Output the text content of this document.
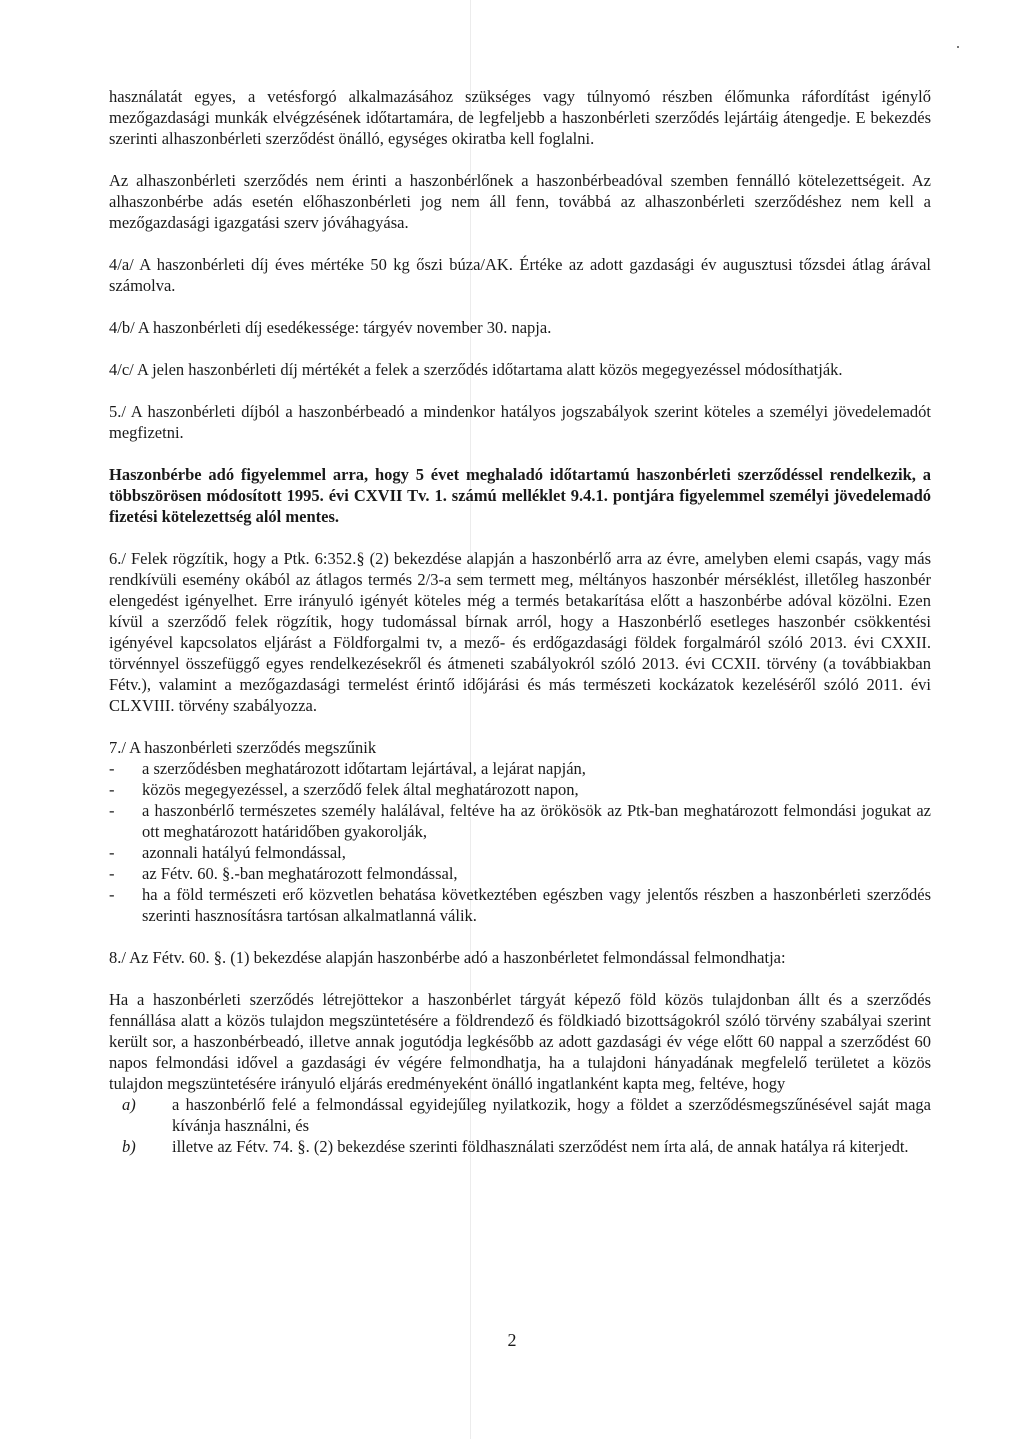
használatát egyes, a vetésforgó alkalmazásához szükséges vagy túlnyomó részben élőmunka ráfordítást igénylő mezőgazdasági munkák elvégzésének időtartamára, de legfeljebb a haszonbérleti szerződés lejártáig átengedje. E bekezdés szerinti alhaszonbérleti szerződést önálló, egységes okiratba kell foglalni.

Az alhaszonbérleti szerződés nem érinti a haszonbérlőnek a haszonbérbeadóval szemben fennálló kötelezettségeit. Az alhaszonbérbe adás esetén előhaszonbérleti jog nem áll fenn, továbbá az alhaszonbérleti szerződéshez nem kell a mezőgazdasági igazgatási szerv jóváhagyása.

4/a/ A haszonbérleti díj éves mértéke 50 kg őszi búza/AK. Értéke az adott gazdasági év augusztusi tőzsdei átlag árával számolva.

4/b/ A haszonbérleti díj esedékessége: tárgyév november 30. napja.

4/c/ A jelen haszonbérleti díj mértékét a felek a szerződés időtartama alatt közös megegyezéssel módosíthatják.

5./ A haszonbérleti díjból a haszonbérbeadó a mindenkor hatályos jogszabályok szerint köteles a személyi jövedelemadót megfizetni.

Haszonbérbe adó figyelemmel arra, hogy 5 évet meghaladó időtartamú haszonbérleti szerződéssel rendelkezik, a többszörösen módosított 1995. évi CXVII Tv. 1. számú melléklet 9.4.1. pontjára figyelemmel személyi jövedelemadó fizetési kötelezettség alól mentes.

6./ Felek rögzítik, hogy a Ptk. 6:352.§ (2) bekezdése alapján a haszonbérlő arra az évre, amelyben elemi csapás, vagy más rendkívüli esemény okából az átlagos termés 2/3-a sem termett meg, méltányos haszonbér mérséklést, illetőleg haszonbér elengedést igényelhet. Erre irányuló igényét köteles még a termés betakarítása előtt a haszonbérbe adóval közölni. Ezen kívül a szerződő felek rögzítik, hogy tudomással bírnak arról, hogy a Haszonbérlő esetleges haszonbér csökkentési igényével kapcsolatos eljárást a Földforgalmi tv, a mező- és erdőgazdasági földek forgalmáról szóló 2013. évi CXXII. törvénnyel összefüggő egyes rendelkezésekről és átmeneti szabályokról szóló 2013. évi CCXII. törvény (a továbbiakban Fétv.), valamint a mezőgazdasági termelést érintő időjárási és más természeti kockázatok kezeléséről szóló 2011. évi CLXVIII. törvény szabályozza.

7./ A haszonbérleti szerződés megszűnik

- a szerződésben meghatározott időtartam lejártával, a lejárat napján,
- közös megegyezéssel, a szerződő felek által meghatározott napon,
- a haszonbérlő természetes személy halálával, feltéve ha az örökösök az Ptk-ban meghatározott felmondási jogukat az ott meghatározott határidőben gyakorolják,
- azonnali hatályú felmondással,
- az Fétv. 60. §.-ban meghatározott felmondással,
- ha a föld természeti erő közvetlen behatása következtében egészben vagy jelentős részben a haszonbérleti szerződés szerinti hasznosításra tartósan alkalmatlanná válik.

8./ Az Fétv. 60. §. (1) bekezdése alapján haszonbérbe adó a haszonbérletet felmondással felmondhatja:

Ha a haszonbérleti szerződés létrejöttekor a haszonbérlet tárgyát képező föld közös tulajdonban állt és a szerződés fennállása alatt a közös tulajdon megszüntetésére a földrendező és földkiadó bizottságokról szóló törvény szabályai szerint került sor, a haszonbérbeadó, illetve annak jogutódja legkésőbb az adott gazdasági év vége előtt 60 nappal a szerződést 60 napos felmondási idővel a gazdasági év végére felmondhatja, ha a tulajdoni hányadának megfelelő területet a közös tulajdon megszüntetésére irányuló eljárás eredményeként önálló ingatlanként kapta meg, feltéve, hogy

a) a haszonbérlő felé a felmondással egyidejűleg nyilatkozik, hogy a földet a szerződésmegszűnésével saját maga kívánja használni, és
b) illetve az Fétv. 74. §. (2) bekezdése szerinti földhasználati szerződést nem írta alá, de annak hatálya rá kiterjedt.
2
